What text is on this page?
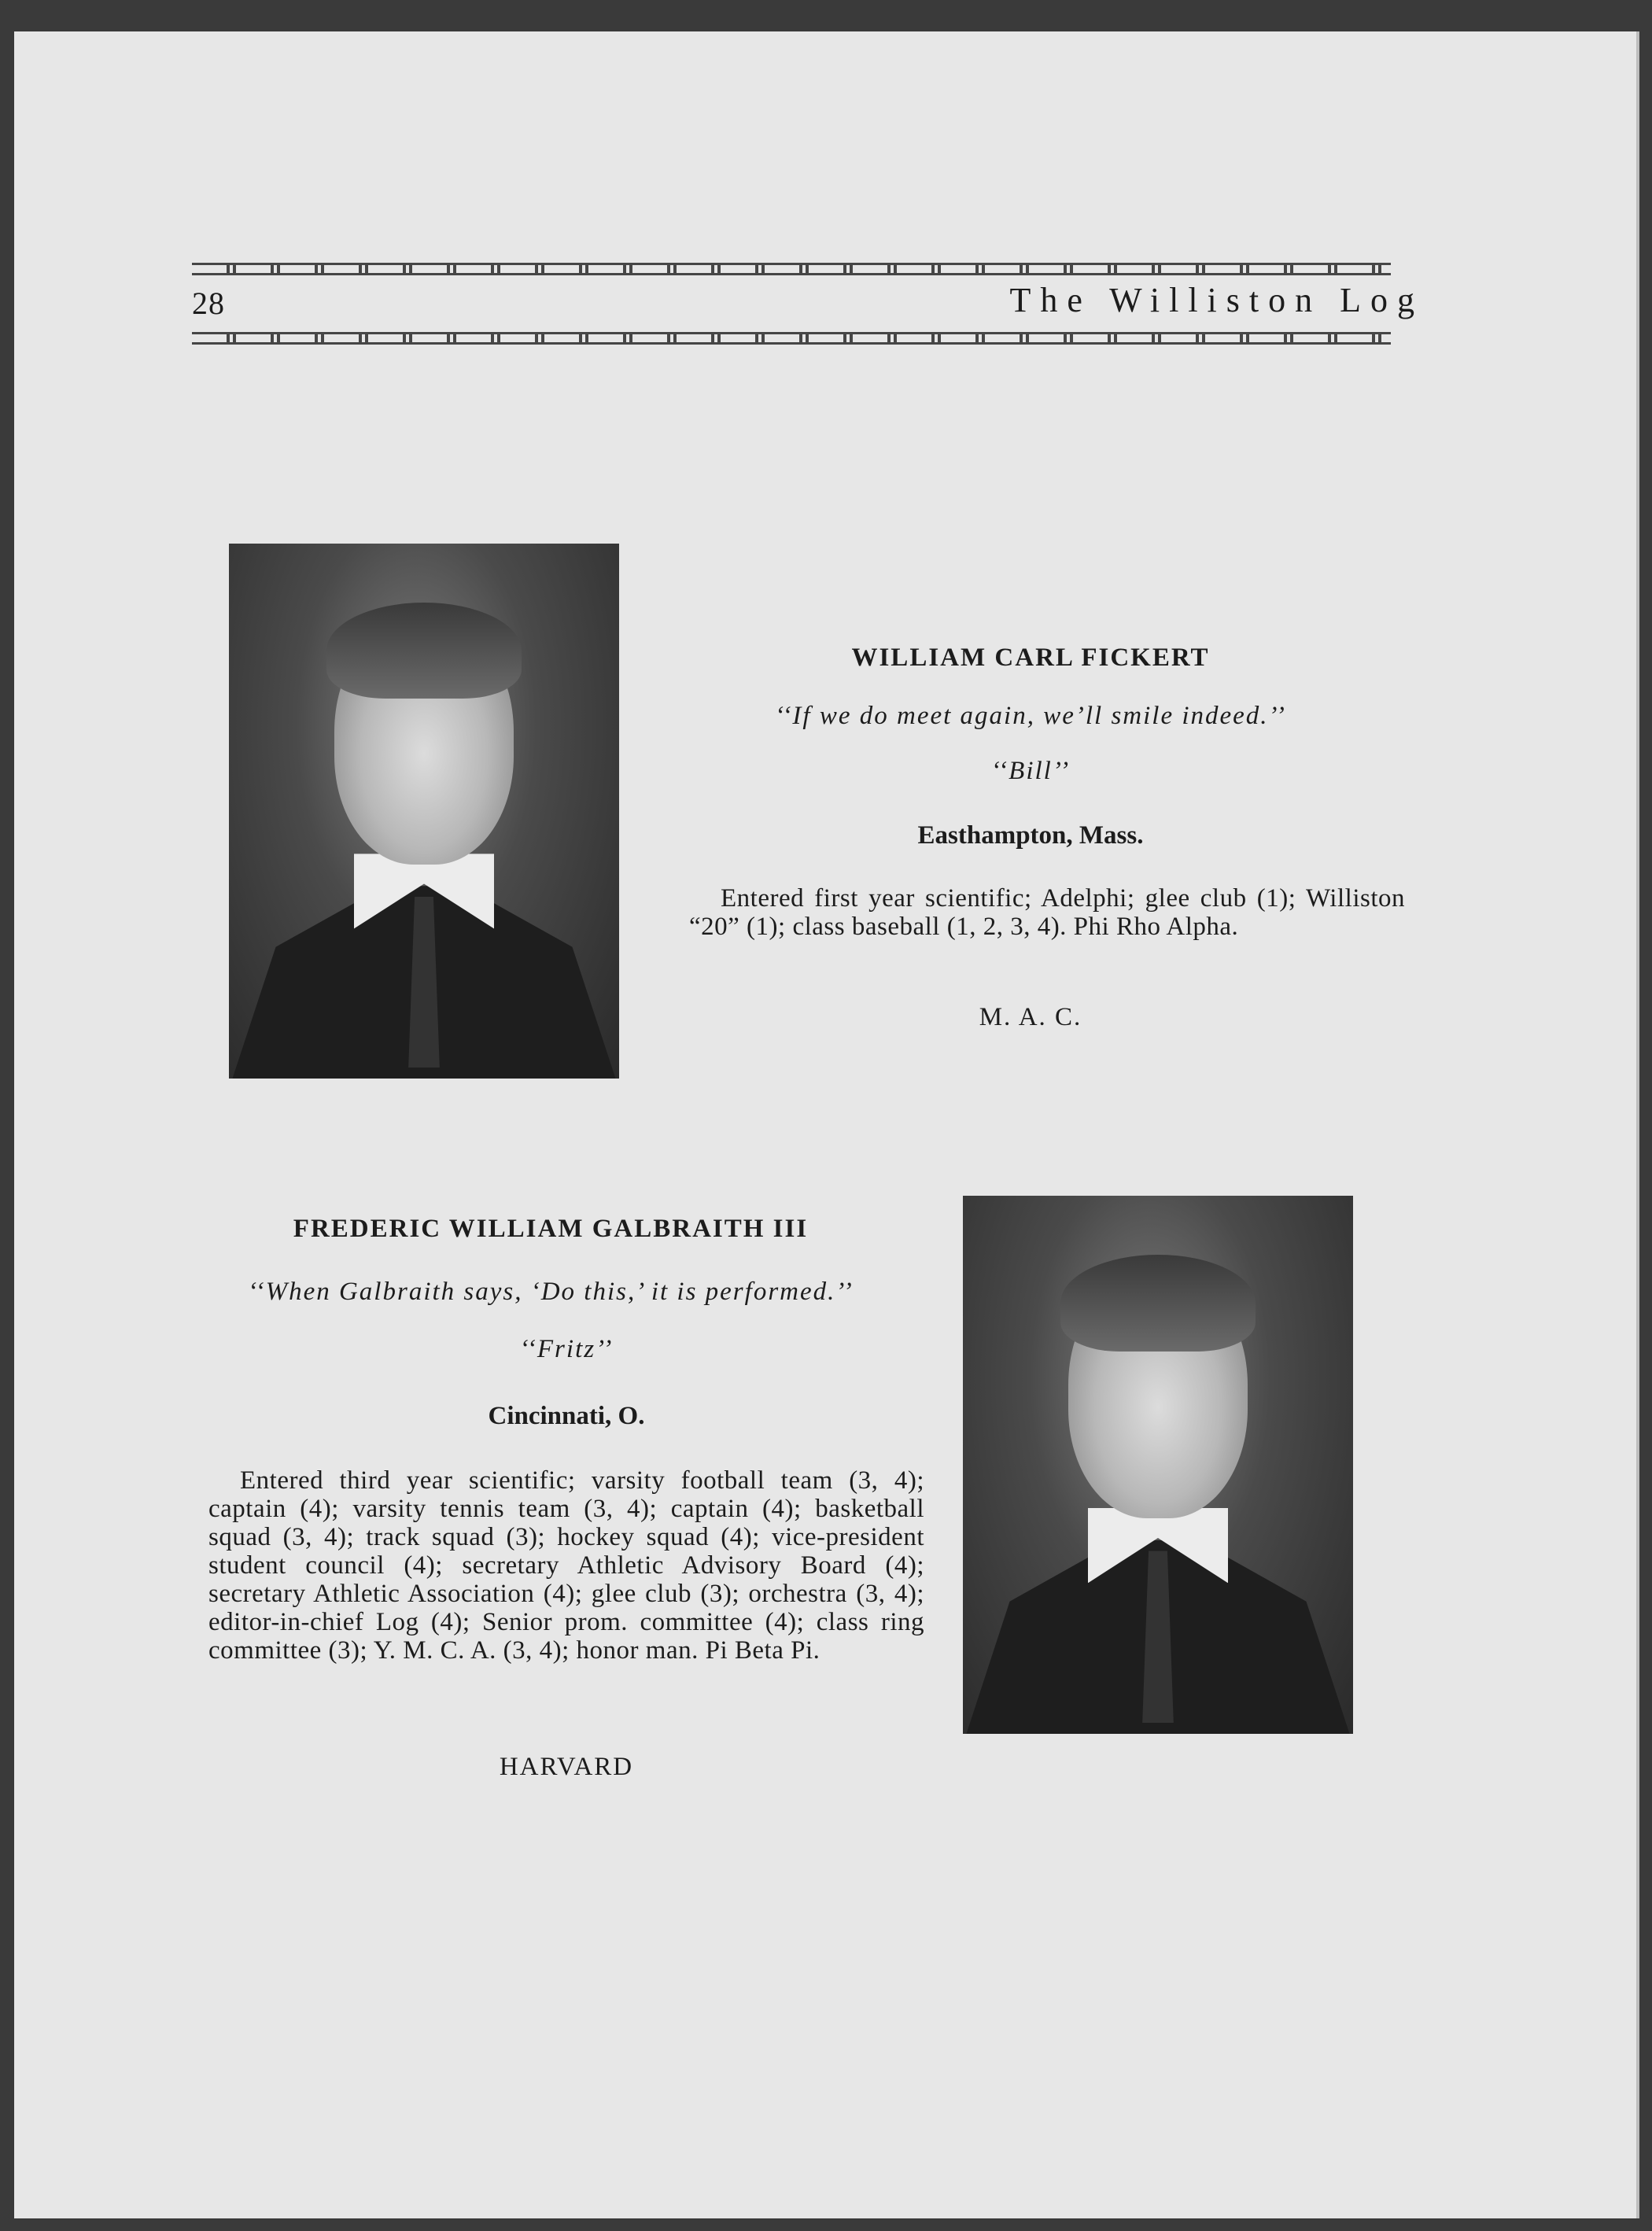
28	The Williston Log

WILLIAM CARL FICKERT

‘‘If we do meet again, we’ll smile indeed.’’

‘‘Bill’’

Easthampton, Mass.

Entered first year scientific; Adelphi; glee club (1); Williston “20” (1); class baseball (1, 2, 3, 4). Phi Rho Alpha.

M. A. C.

FREDERIC WILLIAM GALBRAITH III

‘‘When Galbraith says, ‘Do this,’ it is performed.’’

‘‘Fritz’’

Cincinnati, O.

Entered third year scientific; varsity football team (3, 4); captain (4); varsity tennis team (3, 4); captain (4); basketball squad (3, 4); track squad (3); hockey squad (4); vice-president student council (4); secretary Athletic Advisory Board (4); secretary Athletic Association (4); glee club (3); orchestra (3, 4); editor-in-chief Log (4); Senior prom. committee (4); class ring committee (3); Y. M. C. A. (3, 4); honor man. Pi Beta Pi.

HARVARD
